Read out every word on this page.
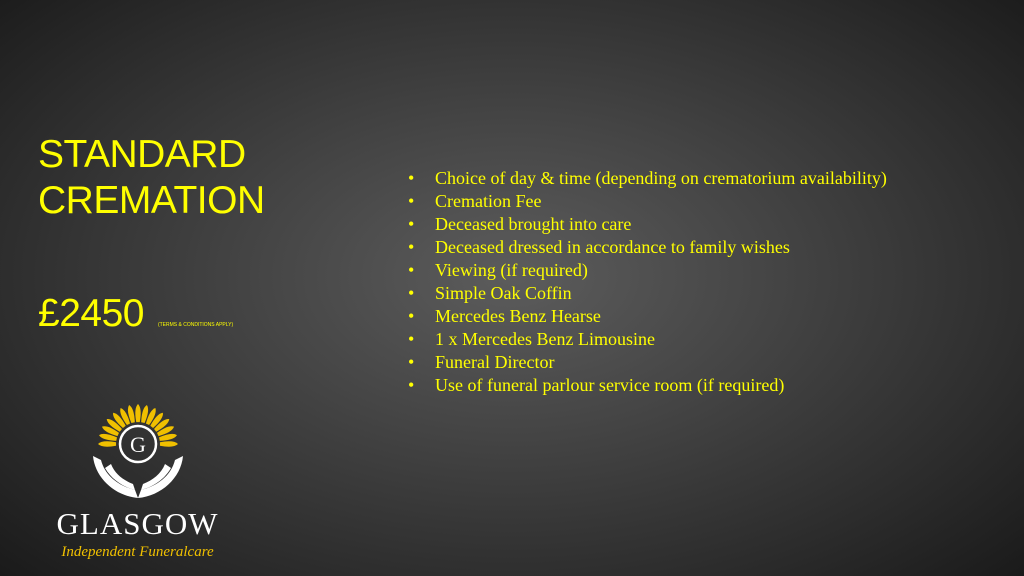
STANDARD
CREMATION
£2450	(TERMS & CONDITIONS APPLY)
• Choice of day & time (depending on crematorium availability)
• Cremation Fee
• Deceased brought into care
• Deceased dressed in accordance to family wishes
• Viewing (if required)
• Simple Oak Coffin
• Mercedes Benz Hearse
• 1 x Mercedes Benz Limousine
• Funeral Director
• Use of funeral parlour service room (if required)
G
GLASGOW
Independent Funeralcare
